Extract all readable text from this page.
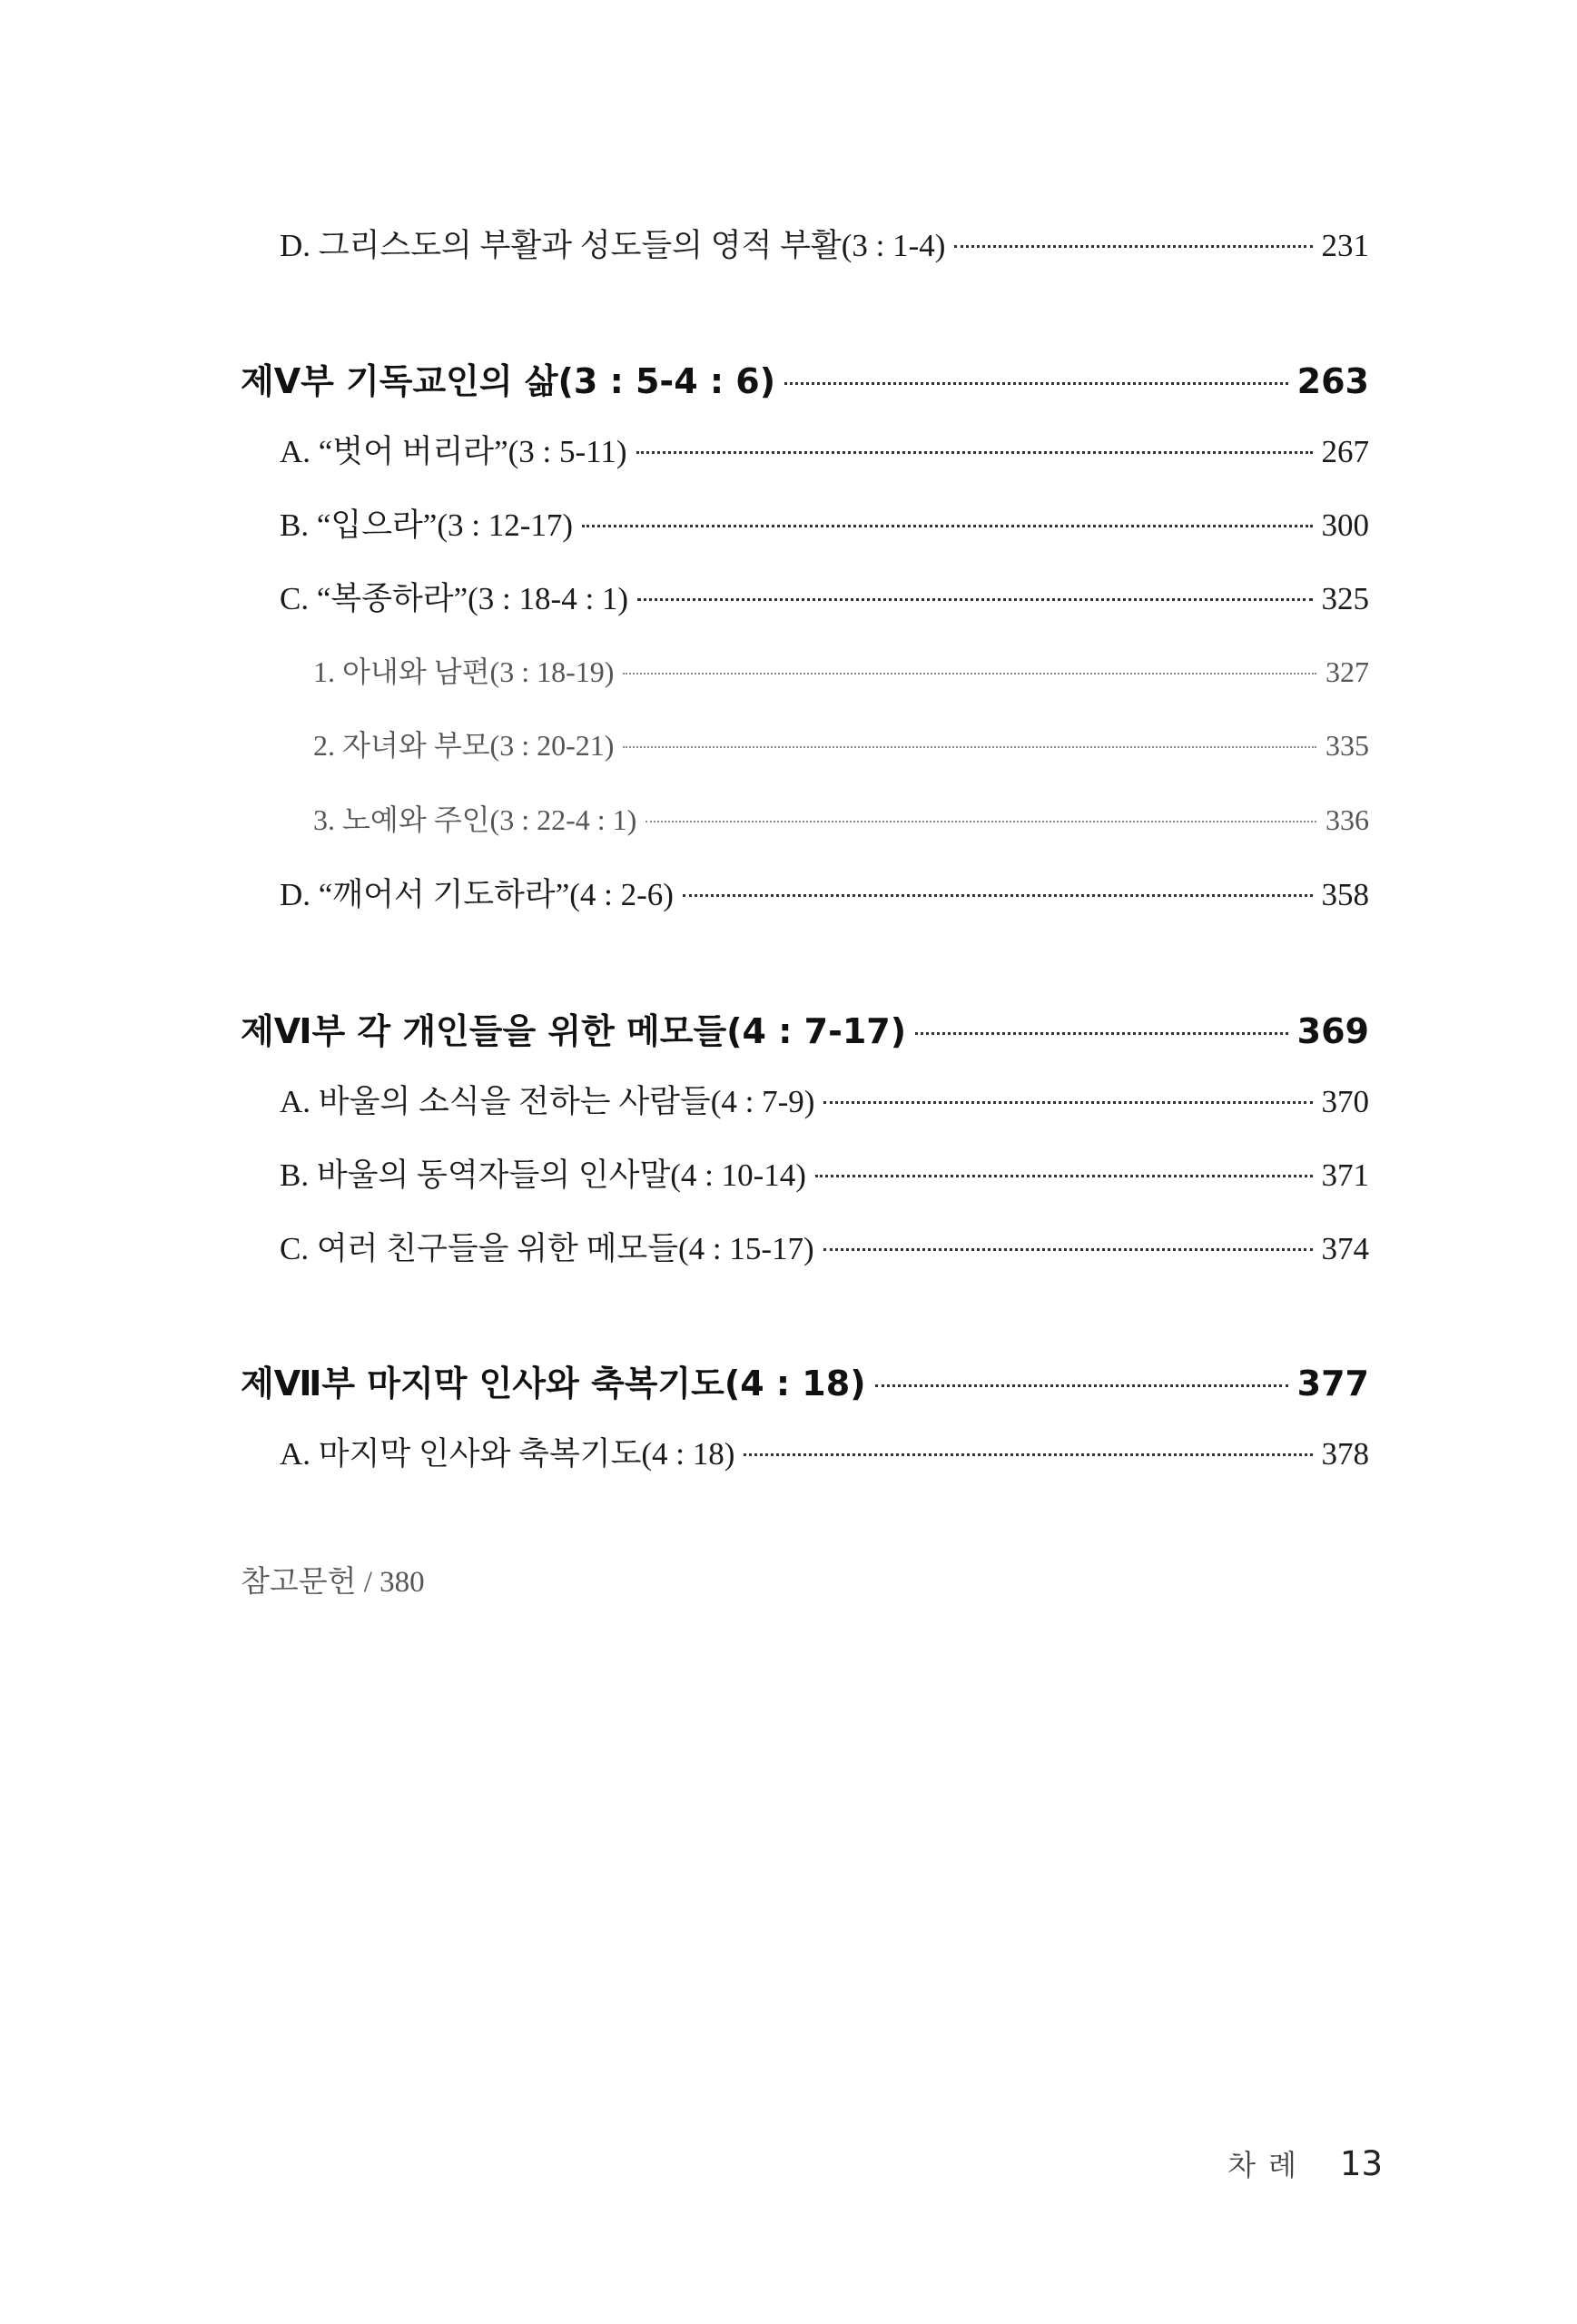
D. 그리스도의 부활과 성도들의 영적 부활(3 : 1-4)	231
제Ⅴ부 기독교인의 삶(3 : 5-4 : 6)	263
A. “벗어 버리라”(3 : 5-11)	267
B. “입으라”(3 : 12-17)	300
C. “복종하라”(3 : 18-4 : 1)	325
1. 아내와 남편(3 : 18-19)	327
2. 자녀와 부모(3 : 20-21)	335
3. 노예와 주인(3 : 22-4 : 1)	336
D. “깨어서 기도하라”(4 : 2-6)	358
제Ⅵ부 각 개인들을 위한 메모들(4 : 7-17)	369
A. 바울의 소식을 전하는 사람들(4 : 7-9)	370
B. 바울의 동역자들의 인사말(4 : 10-14)	371
C. 여러 친구들을 위한 메모들(4 : 15-17)	374
제Ⅶ부 마지막 인사와 축복기도(4 : 18)	377
A. 마지막 인사와 축복기도(4 : 18)	378
참고문헌 / 380
차례 13
